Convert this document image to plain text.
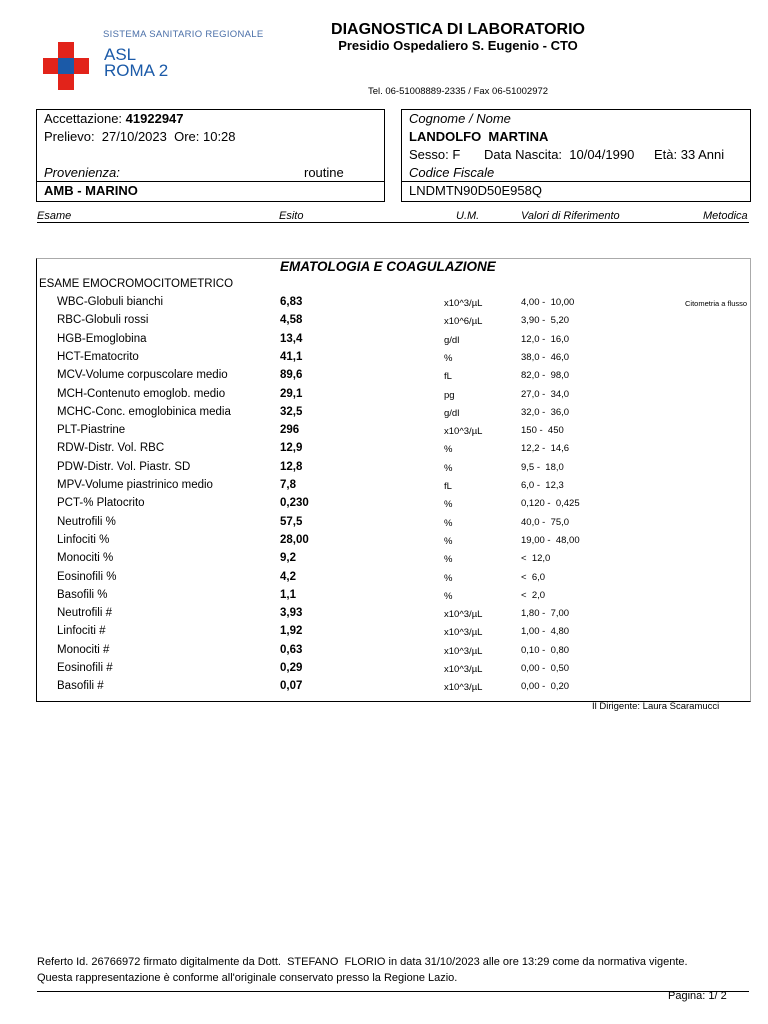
SISTEMA SANITARIO REGIONALE
ASL
ROMA 2
DIAGNOSTICA DI LABORATORIO
Presidio Ospedaliero S. Eugenio - CTO
Tel. 06-51008889-2335 / Fax 06-51002972
Accettazione: 41922947
Prelievo:  27/10/2023  Ore: 10:28
Provenienza:	routine
AMB - MARINO
Cognome / Nome
LANDOLFO  MARTINA
Sesso: F Data Nascita:  10/04/1990 Età: 33 Anni
Codice Fiscale
LNDMTN90D50E958Q
Esame	Esito	U.M.	Valori di Riferimento	Metodica
EMATOLOGIA E COAGULAZIONE
ESAME EMOCROMOCITOMETRICO
WBC-Globuli bianchi	6,83	x10^3/µL	4,00 -  10,00	Citometria a flusso
RBC-Globuli rossi	4,58	x10^6/µL	3,90 -  5,20
HGB-Emoglobina	13,4	g/dl	12,0 -  16,0
HCT-Ematocrito	41,1	%	38,0 -  46,0
MCV-Volume corpuscolare medio	89,6	fL	82,0 -  98,0
MCH-Contenuto emoglob. medio	29,1	pg	27,0 -  34,0
MCHC-Conc. emoglobinica media	32,5	g/dl	32,0 -  36,0
PLT-Piastrine	296	x10^3/µL	150 -  450
RDW-Distr. Vol. RBC	12,9	%	12,2 -  14,6
PDW-Distr. Vol. Piastr. SD	12,8	%	9,5 -  18,0
MPV-Volume piastrinico medio	7,8	fL	6,0 -  12,3
PCT-% Platocrito	0,230	%	0,120 -  0,425
Neutrofili %	57,5	%	40,0 -  75,0
Linfociti %	28,00	%	19,00 -  48,00
Monociti %	9,2	%	<  12,0
Eosinofili %	4,2	%	<  6,0
Basofili %	1,1	%	<  2,0
Neutrofili #	3,93	x10^3/µL	1,80 -  7,00
Linfociti #	1,92	x10^3/µL	1,00 -  4,80
Monociti #	0,63	x10^3/µL	0,10 -  0,80
Eosinofili #	0,29	x10^3/µL	0,00 -  0,50
Basofili #	0,07	x10^3/µL	0,00 -  0,20
Il Dirigente: Laura Scaramucci
Referto Id. 26766972 firmato digitalmente da Dott.  STEFANO  FLORIO in data 31/10/2023 alle ore 13:29 come da normativa vigente.
Questa rappresentazione è conforme all'originale conservato presso la Regione Lazio.
Pagina: 1/ 2
